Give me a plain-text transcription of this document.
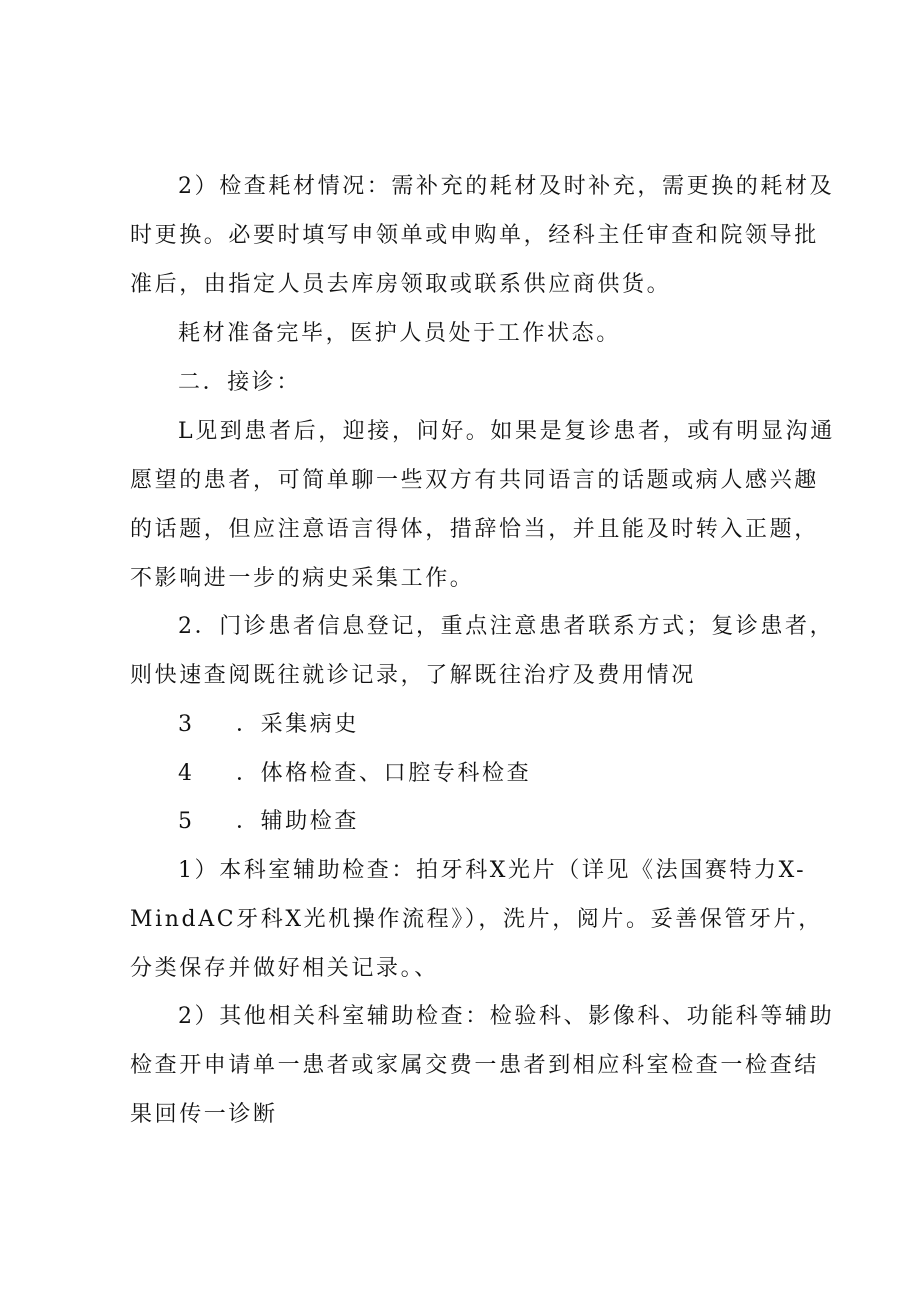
2）检查耗材情况：需补充的耗材及时补充，需更换的耗材及
时更换。必要时填写申领单或申购单，经科主任审查和院领导批
准后，由指定人员去库房领取或联系供应商供货。
耗材准备完毕，医护人员处于工作状态。
二．接诊：
L见到患者后，迎接，问好。如果是复诊患者，或有明显沟通
愿望的患者，可简单聊一些双方有共同语言的话题或病人感兴趣
的话题，但应注意语言得体，措辞恰当，并且能及时转入正题，
不影响进一步的病史采集工作。
2．门诊患者信息登记，重点注意患者联系方式；复诊患者，
则快速查阅既往就诊记录，了解既往治疗及费用情况
3 ．采集病史
4 ．体格检查、口腔专科检查
5 ．辅助检查
1）本科室辅助检查：拍牙科X光片（详见《法国赛特力X-
MindAC牙科X光机操作流程》），洗片，阅片。妥善保管牙片，
分类保存并做好相关记录。、
2）其他相关科室辅助检查：检验科、影像科、功能科等辅助
检查开申请单一患者或家属交费一患者到相应科室检查一检查结
果回传一诊断
